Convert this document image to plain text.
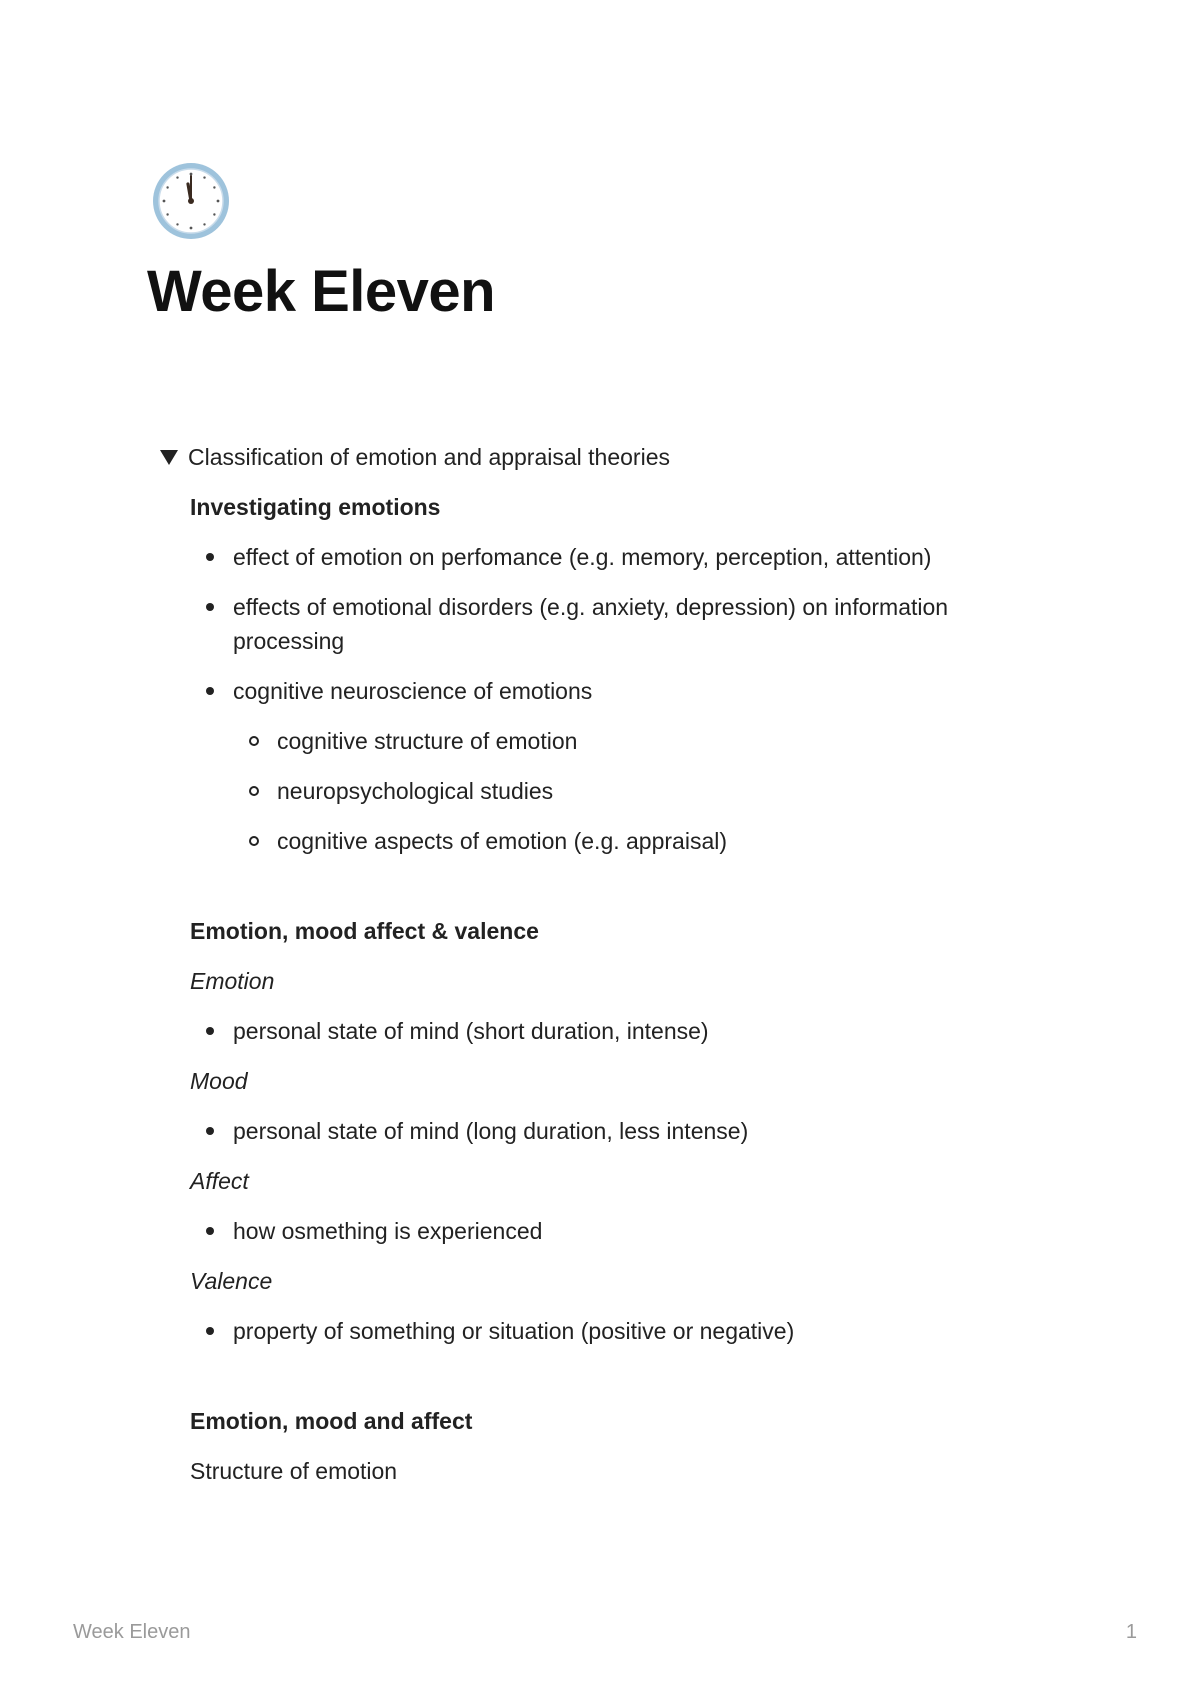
Week Eleven
Classification of emotion and appraisal theories

Investigating emotions

effect of emotion on perfomance (e.g. memory, perception, attention)
effects of emotional disorders (e.g. anxiety, depression) on information processing
cognitive neuroscience of emotions
cognitive structure of emotion
neuropsychological studies
cognitive aspects of emotion (e.g. appraisal)

Emotion, mood affect & valence

Emotion

personal state of mind (short duration, intense)

Mood

personal state of mind (long duration, less intense)

Affect

how osmething is experienced

Valence

property of something or situation (positive or negative)

Emotion, mood and affect

Structure of emotion

Week Eleven	1
